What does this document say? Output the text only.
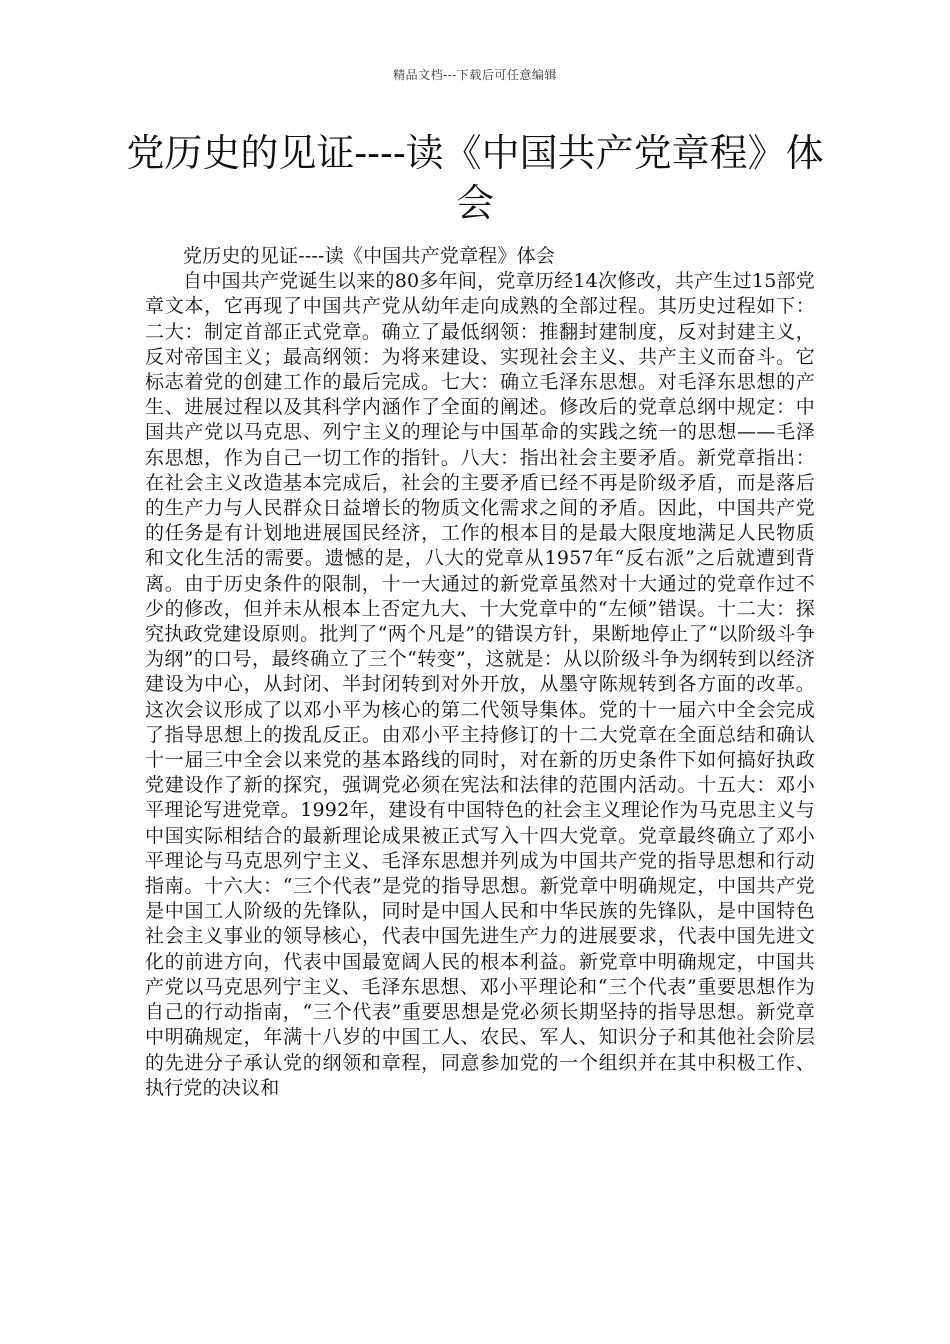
精品文档---下载后可任意编辑
党历史的见证----读《中国共产党章程》体会

党历史的见证----读《中国共产党章程》体会

自中国共产党诞生以来的80多年间，党章历经14次修改，共产生过15部党章文本，它再现了中国共产党从幼年走向成熟的全部过程。其历史过程如下：二大：制定首部正式党章。确立了最低纲领：推翻封建制度，反对封建主义，反对帝国主义；最高纲领：为将来建设、实现社会主义、共产主义而奋斗。它标志着党的创建工作的最后完成。七大：确立毛泽东思想。对毛泽东思想的产生、进展过程以及其科学内涵作了全面的阐述。修改后的党章总纲中规定：中国共产党以马克思、列宁主义的理论与中国革命的实践之统一的思想——毛泽东思想，作为自己一切工作的指针。八大：指出社会主要矛盾。新党章指出：在社会主义改造基本完成后，社会的主要矛盾已经不再是阶级矛盾，而是落后的生产力与人民群众日益增长的物质文化需求之间的矛盾。因此，中国共产党的任务是有计划地进展国民经济，工作的根本目的是最大限度地满足人民物质和文化生活的需要。遗憾的是，八大的党章从1957年“反右派”之后就遭到背离。由于历史条件的限制，十一大通过的新党章虽然对十大通过的党章作过不少的修改，但并未从根本上否定九大、十大党章中的“左倾”错误。十二大：探究执政党建设原则。批判了“两个凡是”的错误方针，果断地停止了“以阶级斗争为纲”的口号，最终确立了三个“转变”，这就是：从以阶级斗争为纲转到以经济建设为中心，从封闭、半封闭转到对外开放，从墨守陈规转到各方面的改革。这次会议形成了以邓小平为核心的第二代领导集体。党的十一届六中全会完成了指导思想上的拨乱反正。由邓小平主持修订的十二大党章在全面总结和确认十一届三中全会以来党的基本路线的同时，对在新的历史条件下如何搞好执政党建设作了新的探究，强调党必须在宪法和法律的范围内活动。十五大：邓小平理论写进党章。1992年，建设有中国特色的社会主义理论作为马克思主义与中国实际相结合的最新理论成果被正式写入十四大党章。党章最终确立了邓小平理论与马克思列宁主义、毛泽东思想并列成为中国共产党的指导思想和行动指南。十六大：“三个代表”是党的指导思想。新党章中明确规定，中国共产党是中国工人阶级的先锋队，同时是中国人民和中华民族的先锋队，是中国特色社会主义事业的领导核心，代表中国先进生产力的进展要求，代表中国先进文化的前进方向，代表中国最宽阔人民的根本利益。新党章中明确规定，中国共产党以马克思列宁主义、毛泽东思想、邓小平理论和“三个代表”重要思想作为自己的行动指南，“三个代表”重要思想是党必须长期坚持的指导思想。新党章中明确规定，年满十八岁的中国工人、农民、军人、知识分子和其他社会阶层的先进分子承认党的纲领和章程，同意参加党的一个组织并在其中积极工作、执行党的决议和
